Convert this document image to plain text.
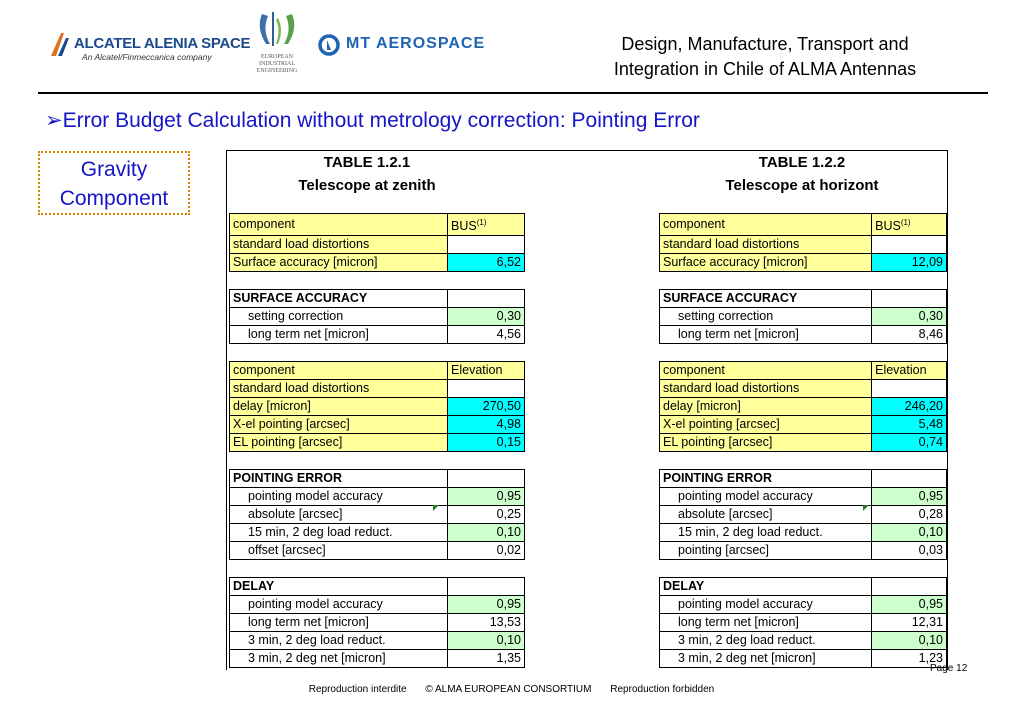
ALCATEL ALENIA SPACE
An Alcatel/Finmeccanica company	EUROPEAN
INDUSTRIAL
ENGINEERING
MT AEROSPACE	Design, Manufacture, Transport and
Integration in Chile of ALMA Antennas
➢Error Budget Calculation without metrology correction: Pointing Error
Gravity
Component
TABLE 1.2.1
Telescope at zenith
TABLE 1.2.2
Telescope at horizont
component	BUS$^{(1)}$
standard load distortions	
Surface accuracy [micron]	6,52

SURFACE ACCURACY	
setting correction	0,30
long term net [micron]	4,56

component	Elevation
standard load distortions	
delay [micron]	270,50
X-el pointing [arcsec]	4,98
EL pointing [arcsec]	0,15

POINTING ERROR	
pointing model accuracy	0,95
absolute [arcsec]	0,25
15 min, 2 deg load reduct.	0,10
offset [arcsec]	0,02

DELAY	
pointing model accuracy	0,95
long term net [micron]	13,53
3 min, 2 deg load reduct.	0,10
3 min, 2 deg net [micron]	1,35
component	BUS$^{(1)}$
standard load distortions	
Surface accuracy [micron]	12,09

SURFACE ACCURACY	
setting correction	0,30
long term net [micron]	8,46

component	Elevation
standard load distortions	
delay [micron]	246,20
X-el pointing [arcsec]	5,48
EL pointing [arcsec]	0,74

POINTING ERROR	
pointing model accuracy	0,95
absolute [arcsec]	0,28
15 min, 2 deg load reduct.	0,10
pointing [arcsec]	0,03

DELAY	
pointing model accuracy	0,95
long term net [micron]	12,31
3 min, 2 deg load reduct.	0,10
3 min, 2 deg net [micron]	1,23
Page 12
Reproduction interdite © ALMA EUROPEAN CONSORTIUM Reproduction forbidden
